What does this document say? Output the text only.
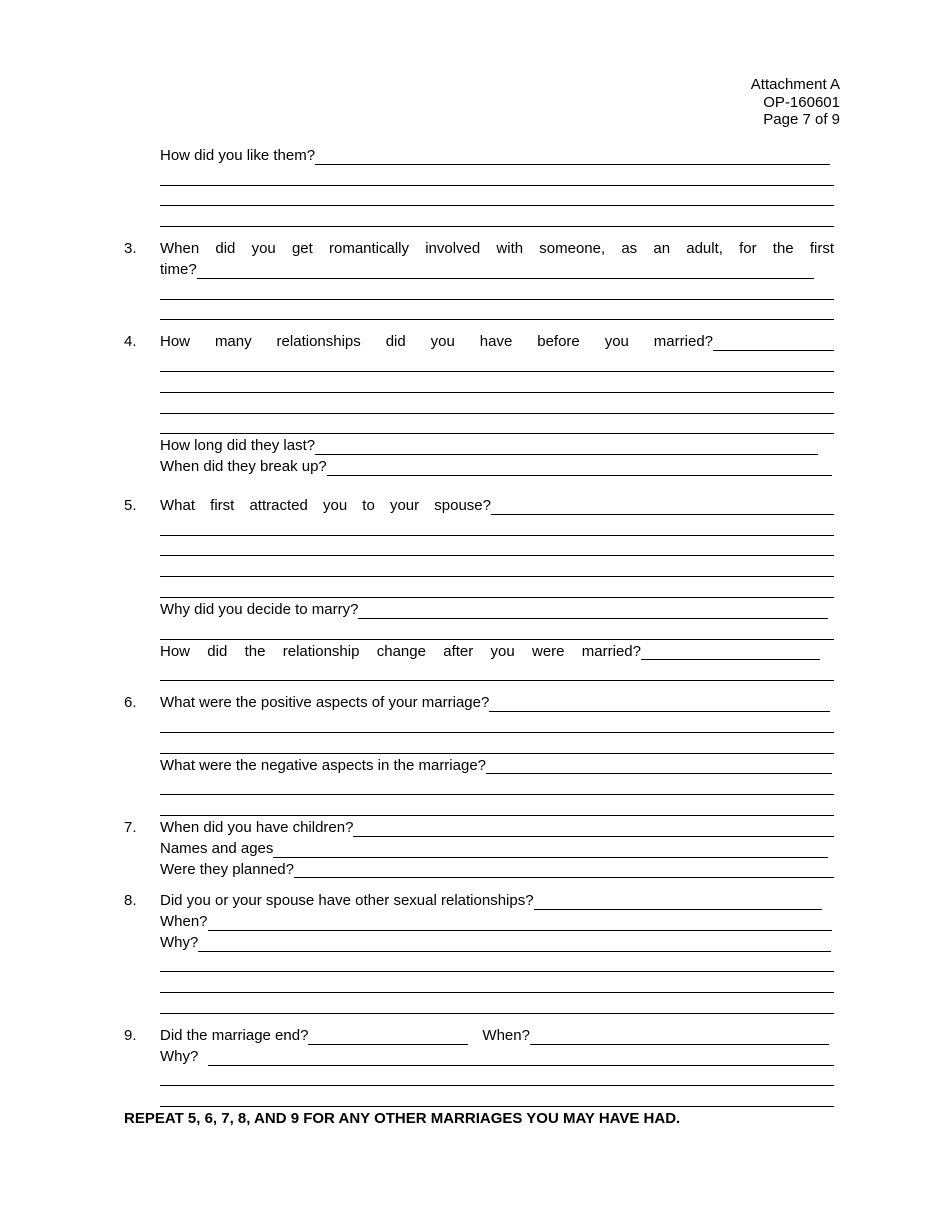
Attachment A
OP-160601
Page 7 of 9
How did you like them?
3.	When did you get romantically involved with someone, as an adult, for the first
time?
4.	How many relationships did you have before you married?
How long did they last?
When did they break up?
5.	What first attracted you to your spouse?
Why did you decide to marry?
How did the relationship change after you were married?
6.	What were the positive aspects of your marriage?
What were the negative aspects in the marriage?
7.	When did you have children?
Names and ages
Were they planned?
8.	Did you or your spouse have other sexual relationships?
When?
Why?
9.	Did the marriage end?	When?
Why?
REPEAT 5, 6, 7, 8, AND 9 FOR ANY OTHER MARRIAGES YOU MAY HAVE HAD.
